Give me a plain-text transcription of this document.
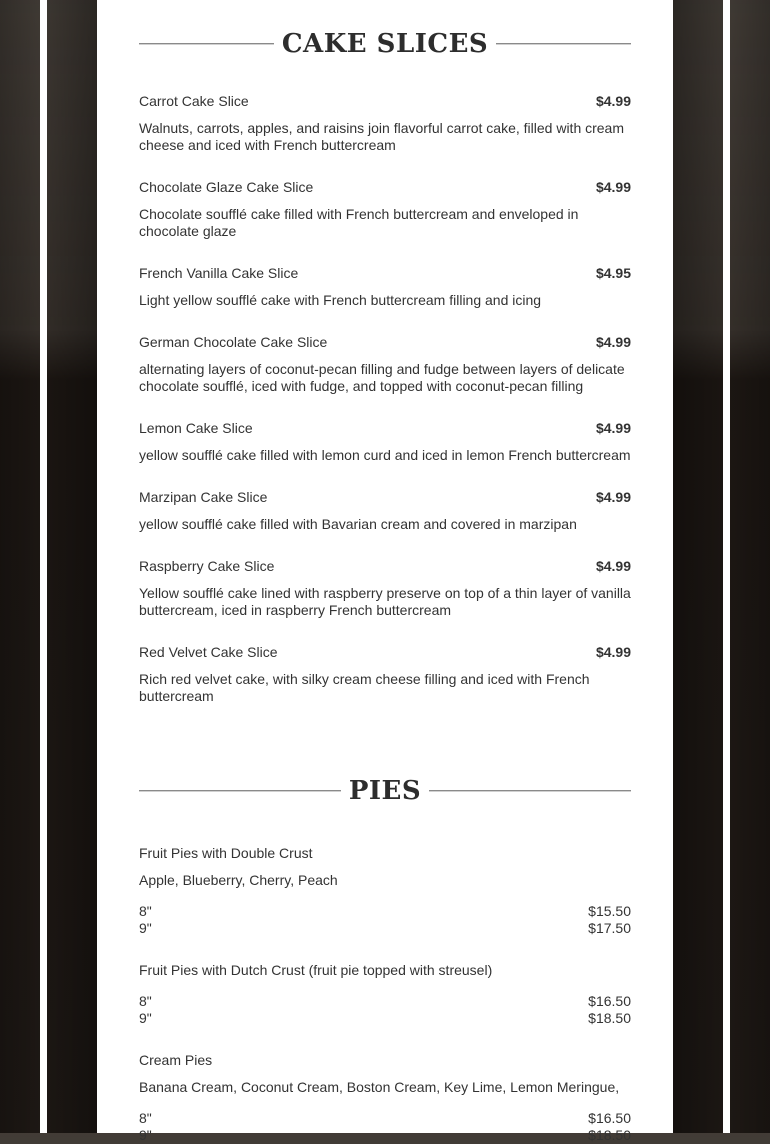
CAKE SLICES
Carrot Cake Slice	$4.99
Walnuts, carrots, apples, and raisins join flavorful carrot cake, filled with cream cheese and iced with French buttercream
Chocolate Glaze Cake Slice	$4.99
Chocolate soufflé cake filled with French buttercream and enveloped in chocolate glaze
French Vanilla Cake Slice	$4.95
Light yellow soufflé cake with French buttercream filling and icing
German Chocolate Cake Slice	$4.99
alternating layers of coconut-pecan filling and fudge between layers of delicate chocolate soufflé, iced with fudge, and topped with coconut-pecan filling
Lemon Cake Slice	$4.99
yellow soufflé cake filled with lemon curd and iced in lemon French buttercream
Marzipan Cake Slice	$4.99
yellow soufflé cake filled with Bavarian cream and covered in marzipan
Raspberry Cake Slice	$4.99
Yellow soufflé cake lined with raspberry preserve on top of a thin layer of vanilla buttercream, iced in raspberry French buttercream
Red Velvet Cake Slice	$4.99
Rich red velvet cake, with silky cream cheese filling and iced with French buttercream
PIES
Fruit Pies with Double Crust
Apple, Blueberry, Cherry, Peach
8"	$15.50
9"	$17.50
Fruit Pies with Dutch Crust (fruit pie topped with streusel)
8"	$16.50
9"	$18.50
Cream Pies
Banana Cream, Coconut Cream, Boston Cream, Key Lime, Lemon Meringue,
8"	$16.50
9"	$18.50
